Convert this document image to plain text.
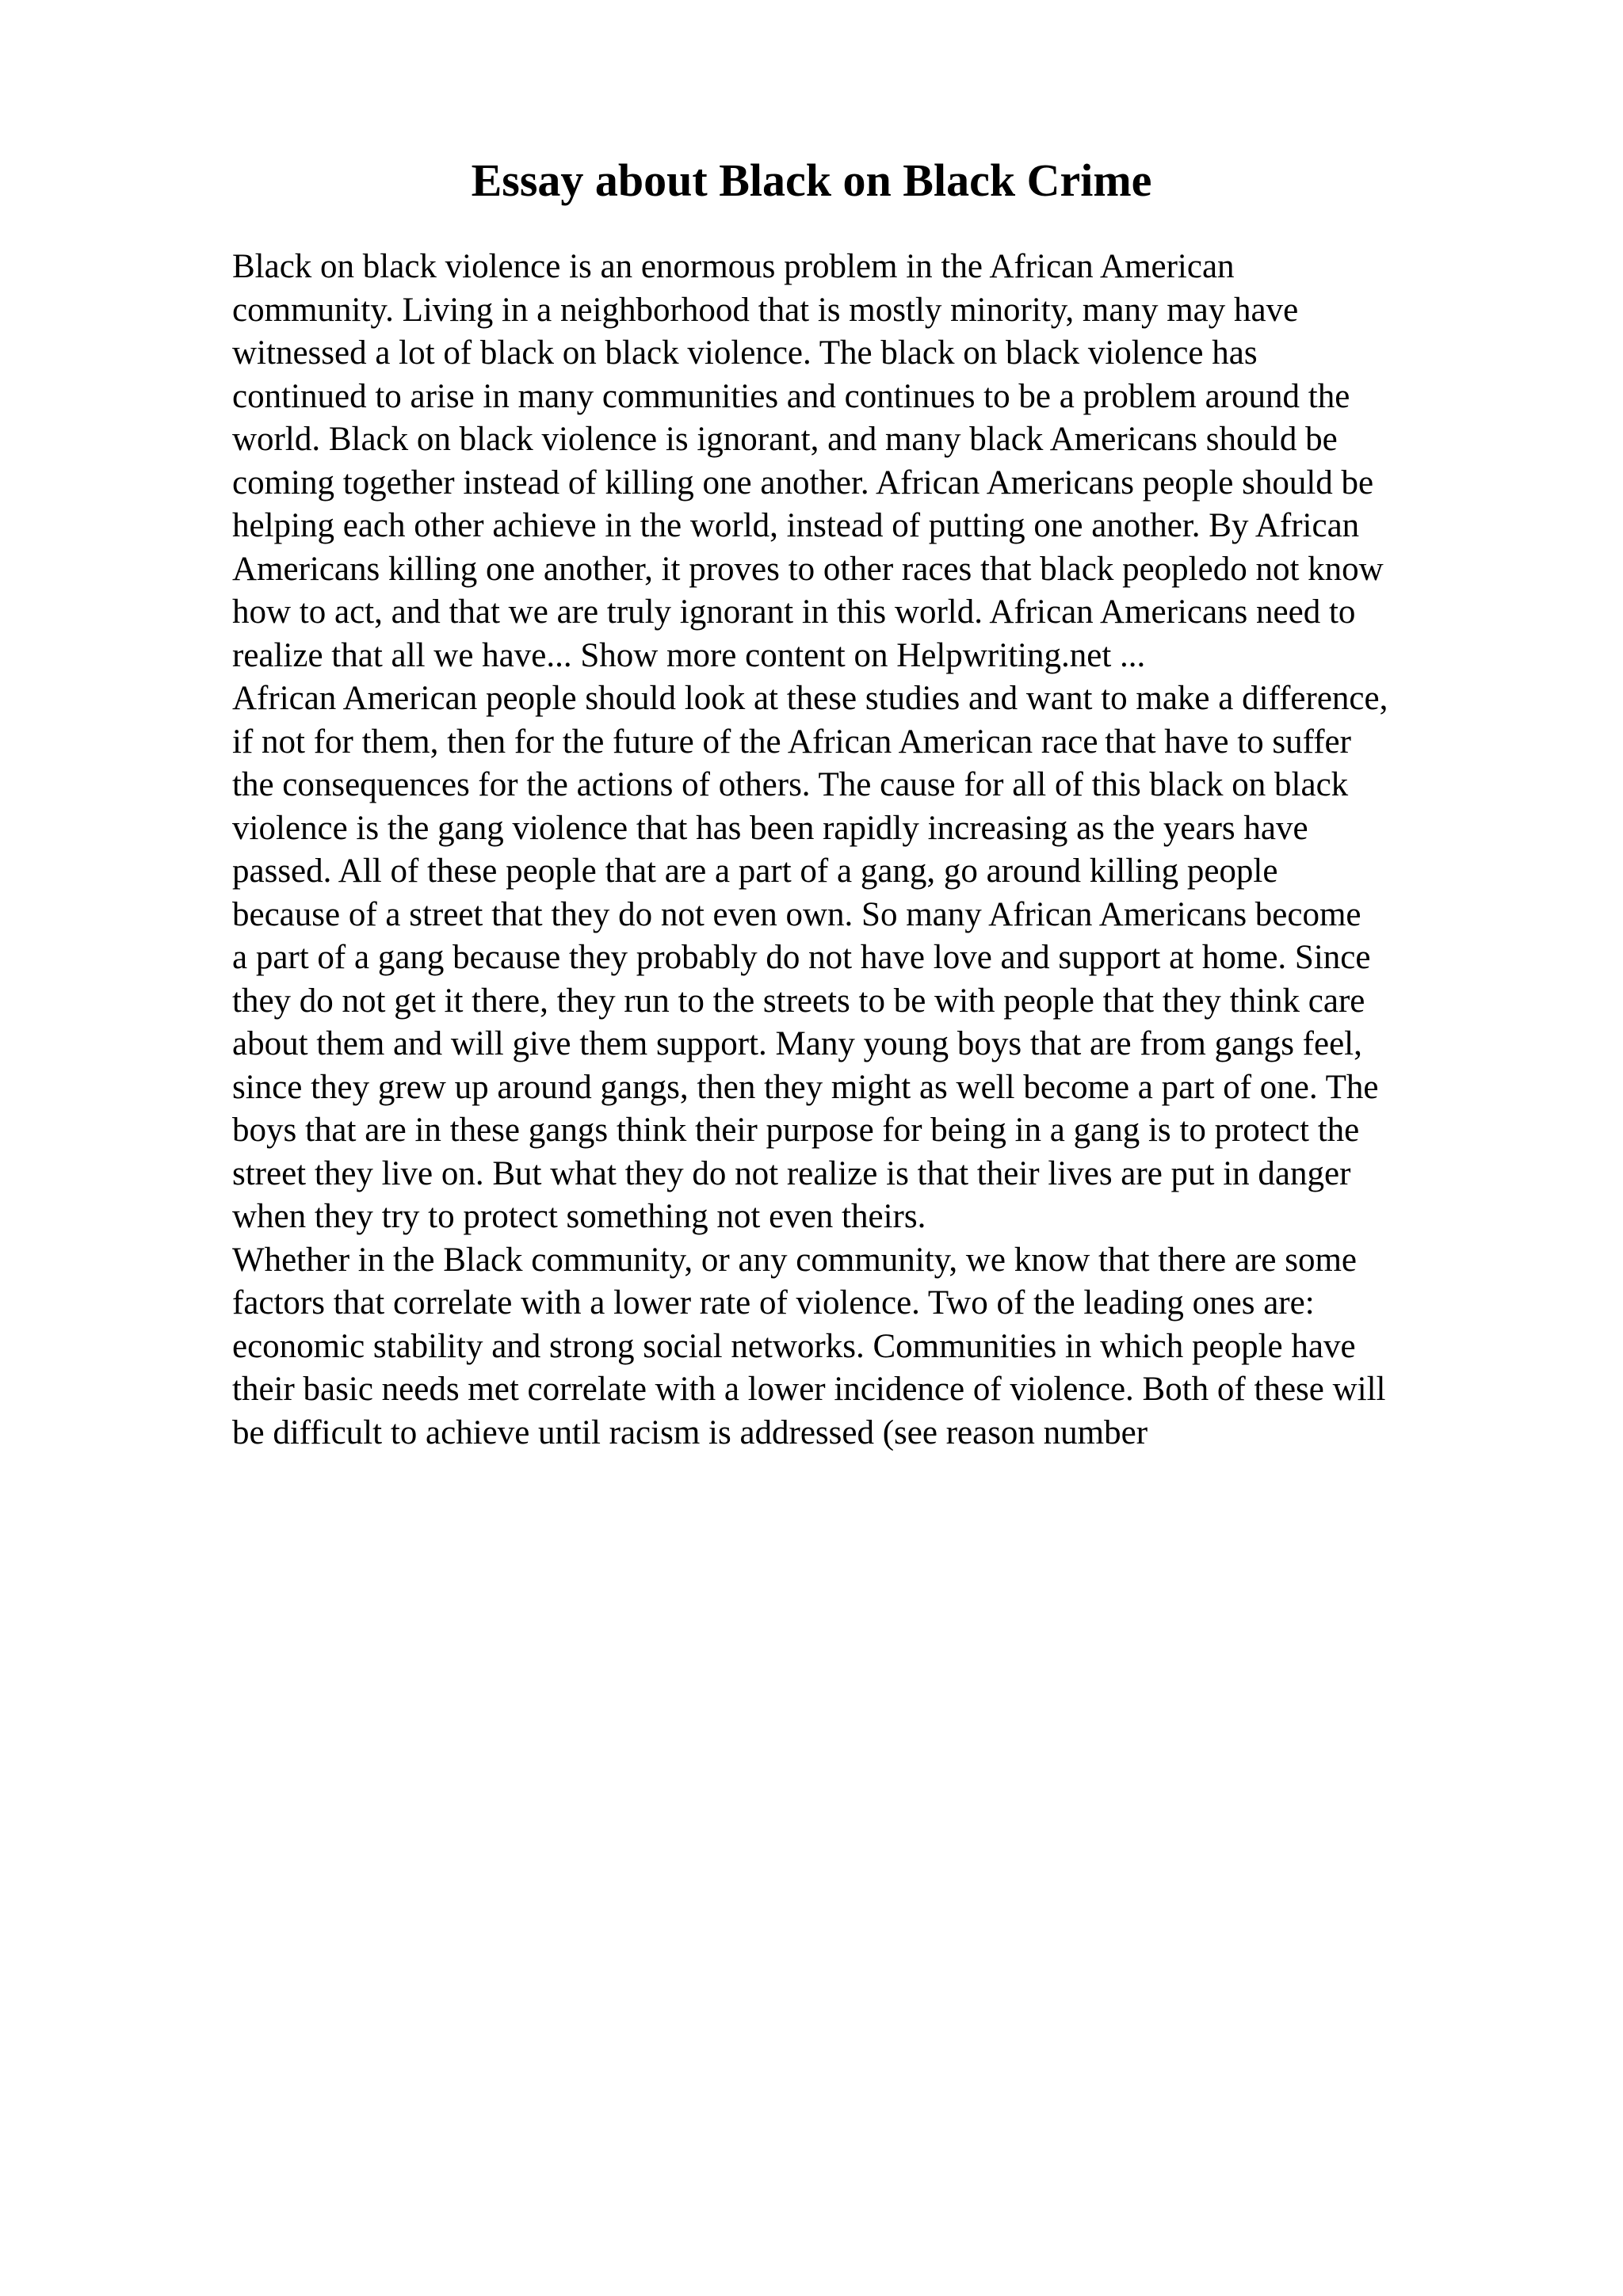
Essay about Black on Black Crime
Black on black violence is an enormous problem in the African American
community. Living in a neighborhood that is mostly minority, many may have
witnessed a lot of black on black violence. The black on black violence has
continued to arise in many communities and continues to be a problem around the
world. Black on black violence is ignorant, and many black Americans should be
coming together instead of killing one another. African Americans people should be
helping each other achieve in the world, instead of putting one another. By African
Americans killing one another, it proves to other races that black peopledo not know
how to act, and that we are truly ignorant in this world. African Americans need to
realize that all we have... Show more content on Helpwriting.net ...
African American people should look at these studies and want to make a difference,
if not for them, then for the future of the African American race that have to suffer
the consequences for the actions of others. The cause for all of this black on black
violence is the gang violence that has been rapidly increasing as the years have
passed. All of these people that are a part of a gang, go around killing people
because of a street that they do not even own. So many African Americans become
a part of a gang because they probably do not have love and support at home. Since
they do not get it there, they run to the streets to be with people that they think care
about them and will give them support. Many young boys that are from gangs feel,
since they grew up around gangs, then they might as well become a part of one. The
boys that are in these gangs think their purpose for being in a gang is to protect the
street they live on. But what they do not realize is that their lives are put in danger
when they try to protect something not even theirs.
Whether in the Black community, or any community, we know that there are some
factors that correlate with a lower rate of violence. Two of the leading ones are:
economic stability and strong social networks. Communities in which people have
their basic needs met correlate with a lower incidence of violence. Both of these will
be difficult to achieve until racism is addressed (see reason number
